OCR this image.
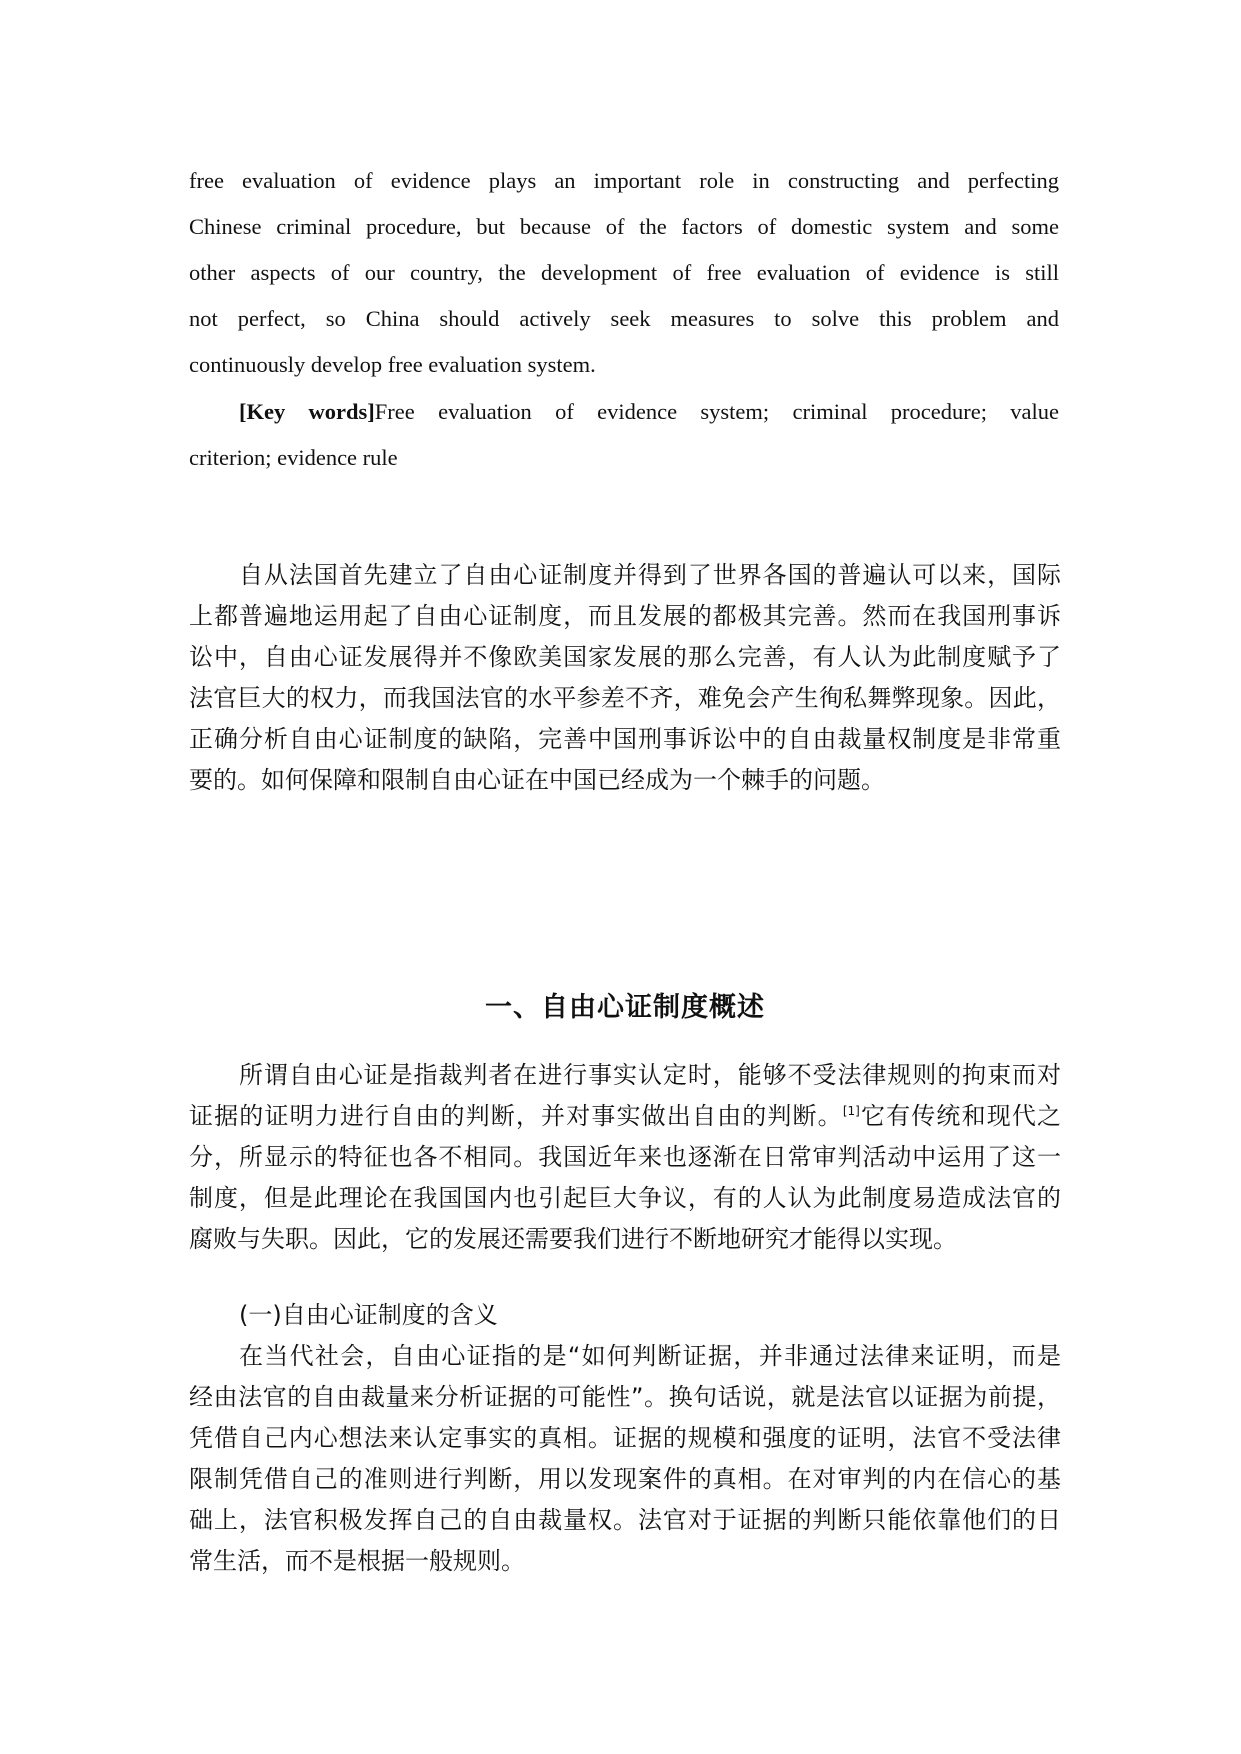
free evaluation of evidence plays an important role in constructing and perfecting
Chinese criminal procedure, but because of the factors of domestic system and some
other aspects of our country, the development of free evaluation of evidence is still
not perfect, so China should actively seek measures to solve this problem and
continuously develop free evaluation system.
[Key words]Free evaluation of evidence system; criminal procedure; value
criterion; evidence rule
自从法国首先建立了自由心证制度并得到了世界各国的普遍认可以来，国际
上都普遍地运用起了自由心证制度，而且发展的都极其完善。然而在我国刑事诉
讼中，自由心证发展得并不像欧美国家发展的那么完善，有人认为此制度赋予了
法官巨大的权力，而我国法官的水平参差不齐，难免会产生徇私舞弊现象。因此，
正确分析自由心证制度的缺陷，完善中国刑事诉讼中的自由裁量权制度是非常重
要的。如何保障和限制自由心证在中国已经成为一个棘手的问题。
一、自由心证制度概述
所谓自由心证是指裁判者在进行事实认定时，能够不受法律规则的拘束而对
证据的证明力进行自由的判断，并对事实做出自由的判断。[1]它有传统和现代之
分，所显示的特征也各不相同。我国近年来也逐渐在日常审判活动中运用了这一
制度，但是此理论在我国国内也引起巨大争议，有的人认为此制度易造成法官的
腐败与失职。因此，它的发展还需要我们进行不断地研究才能得以实现。
(一)自由心证制度的含义
在当代社会，自由心证指的是“如何判断证据，并非通过法律来证明，而是
经由法官的自由裁量来分析证据的可能性”。换句话说，就是法官以证据为前提，
凭借自己内心想法来认定事实的真相。证据的规模和强度的证明，法官不受法律
限制凭借自己的准则进行判断，用以发现案件的真相。在对审判的内在信心的基
础上，法官积极发挥自己的自由裁量权。法官对于证据的判断只能依靠他们的日
常生活，而不是根据一般规则。
